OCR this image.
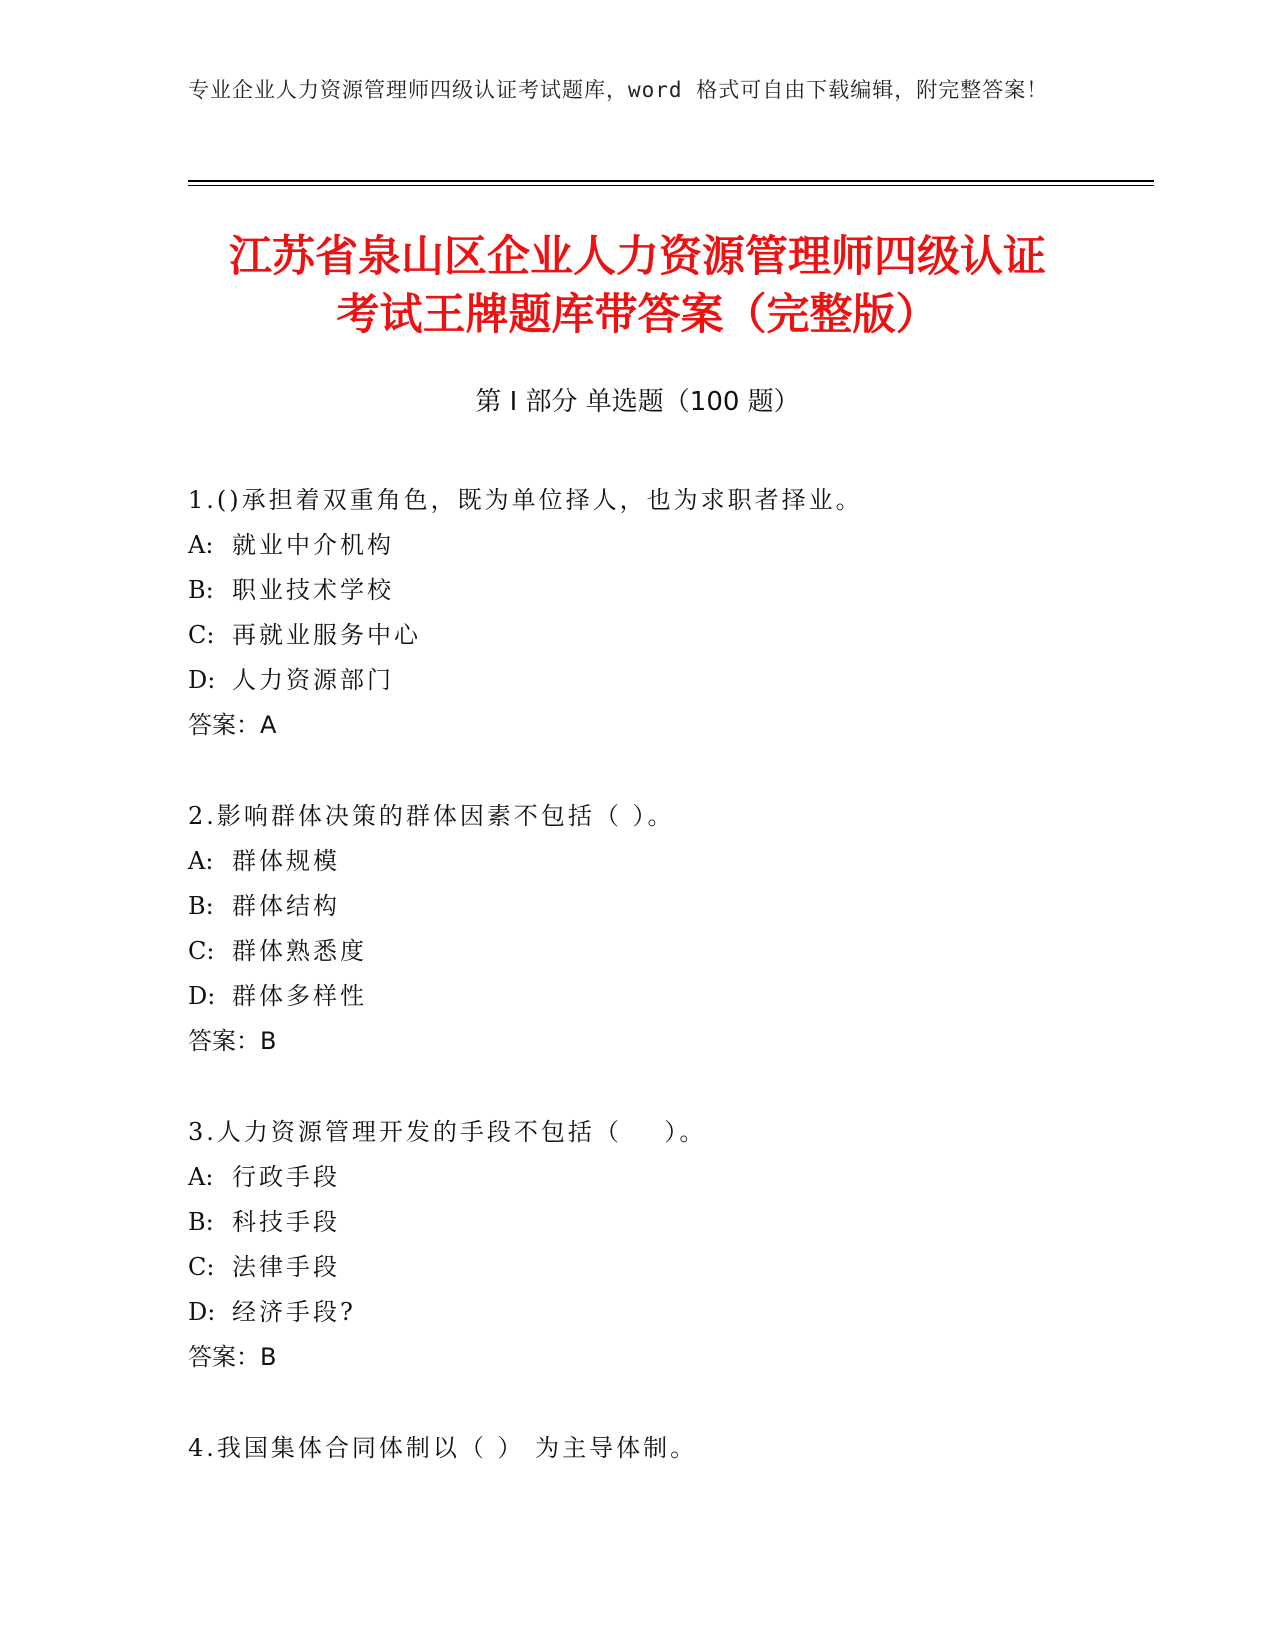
专业企业人力资源管理师四级认证考试题库，word 格式可自由下载编辑，附完整答案！
江苏省泉山区企业人力资源管理师四级认证
考试王牌题库带答案（完整版）
第 I 部分 单选题（100 题）
1.()承担着双重角色，既为单位择人，也为求职者择业。
A: 就业中介机构
B: 职业技术学校
C: 再就业服务中心
D: 人力资源部门
答案：A
2.影响群体决策的群体因素不包括（ ）。
A: 群体规模
B: 群体结构
C: 群体熟悉度
D: 群体多样性
答案：B
3.人力资源管理开发的手段不包括（    ）。
A: 行政手段
B: 科技手段
C: 法律手段
D: 经济手段?
答案：B
4.我国集体合同体制以（ ） 为主导体制。
